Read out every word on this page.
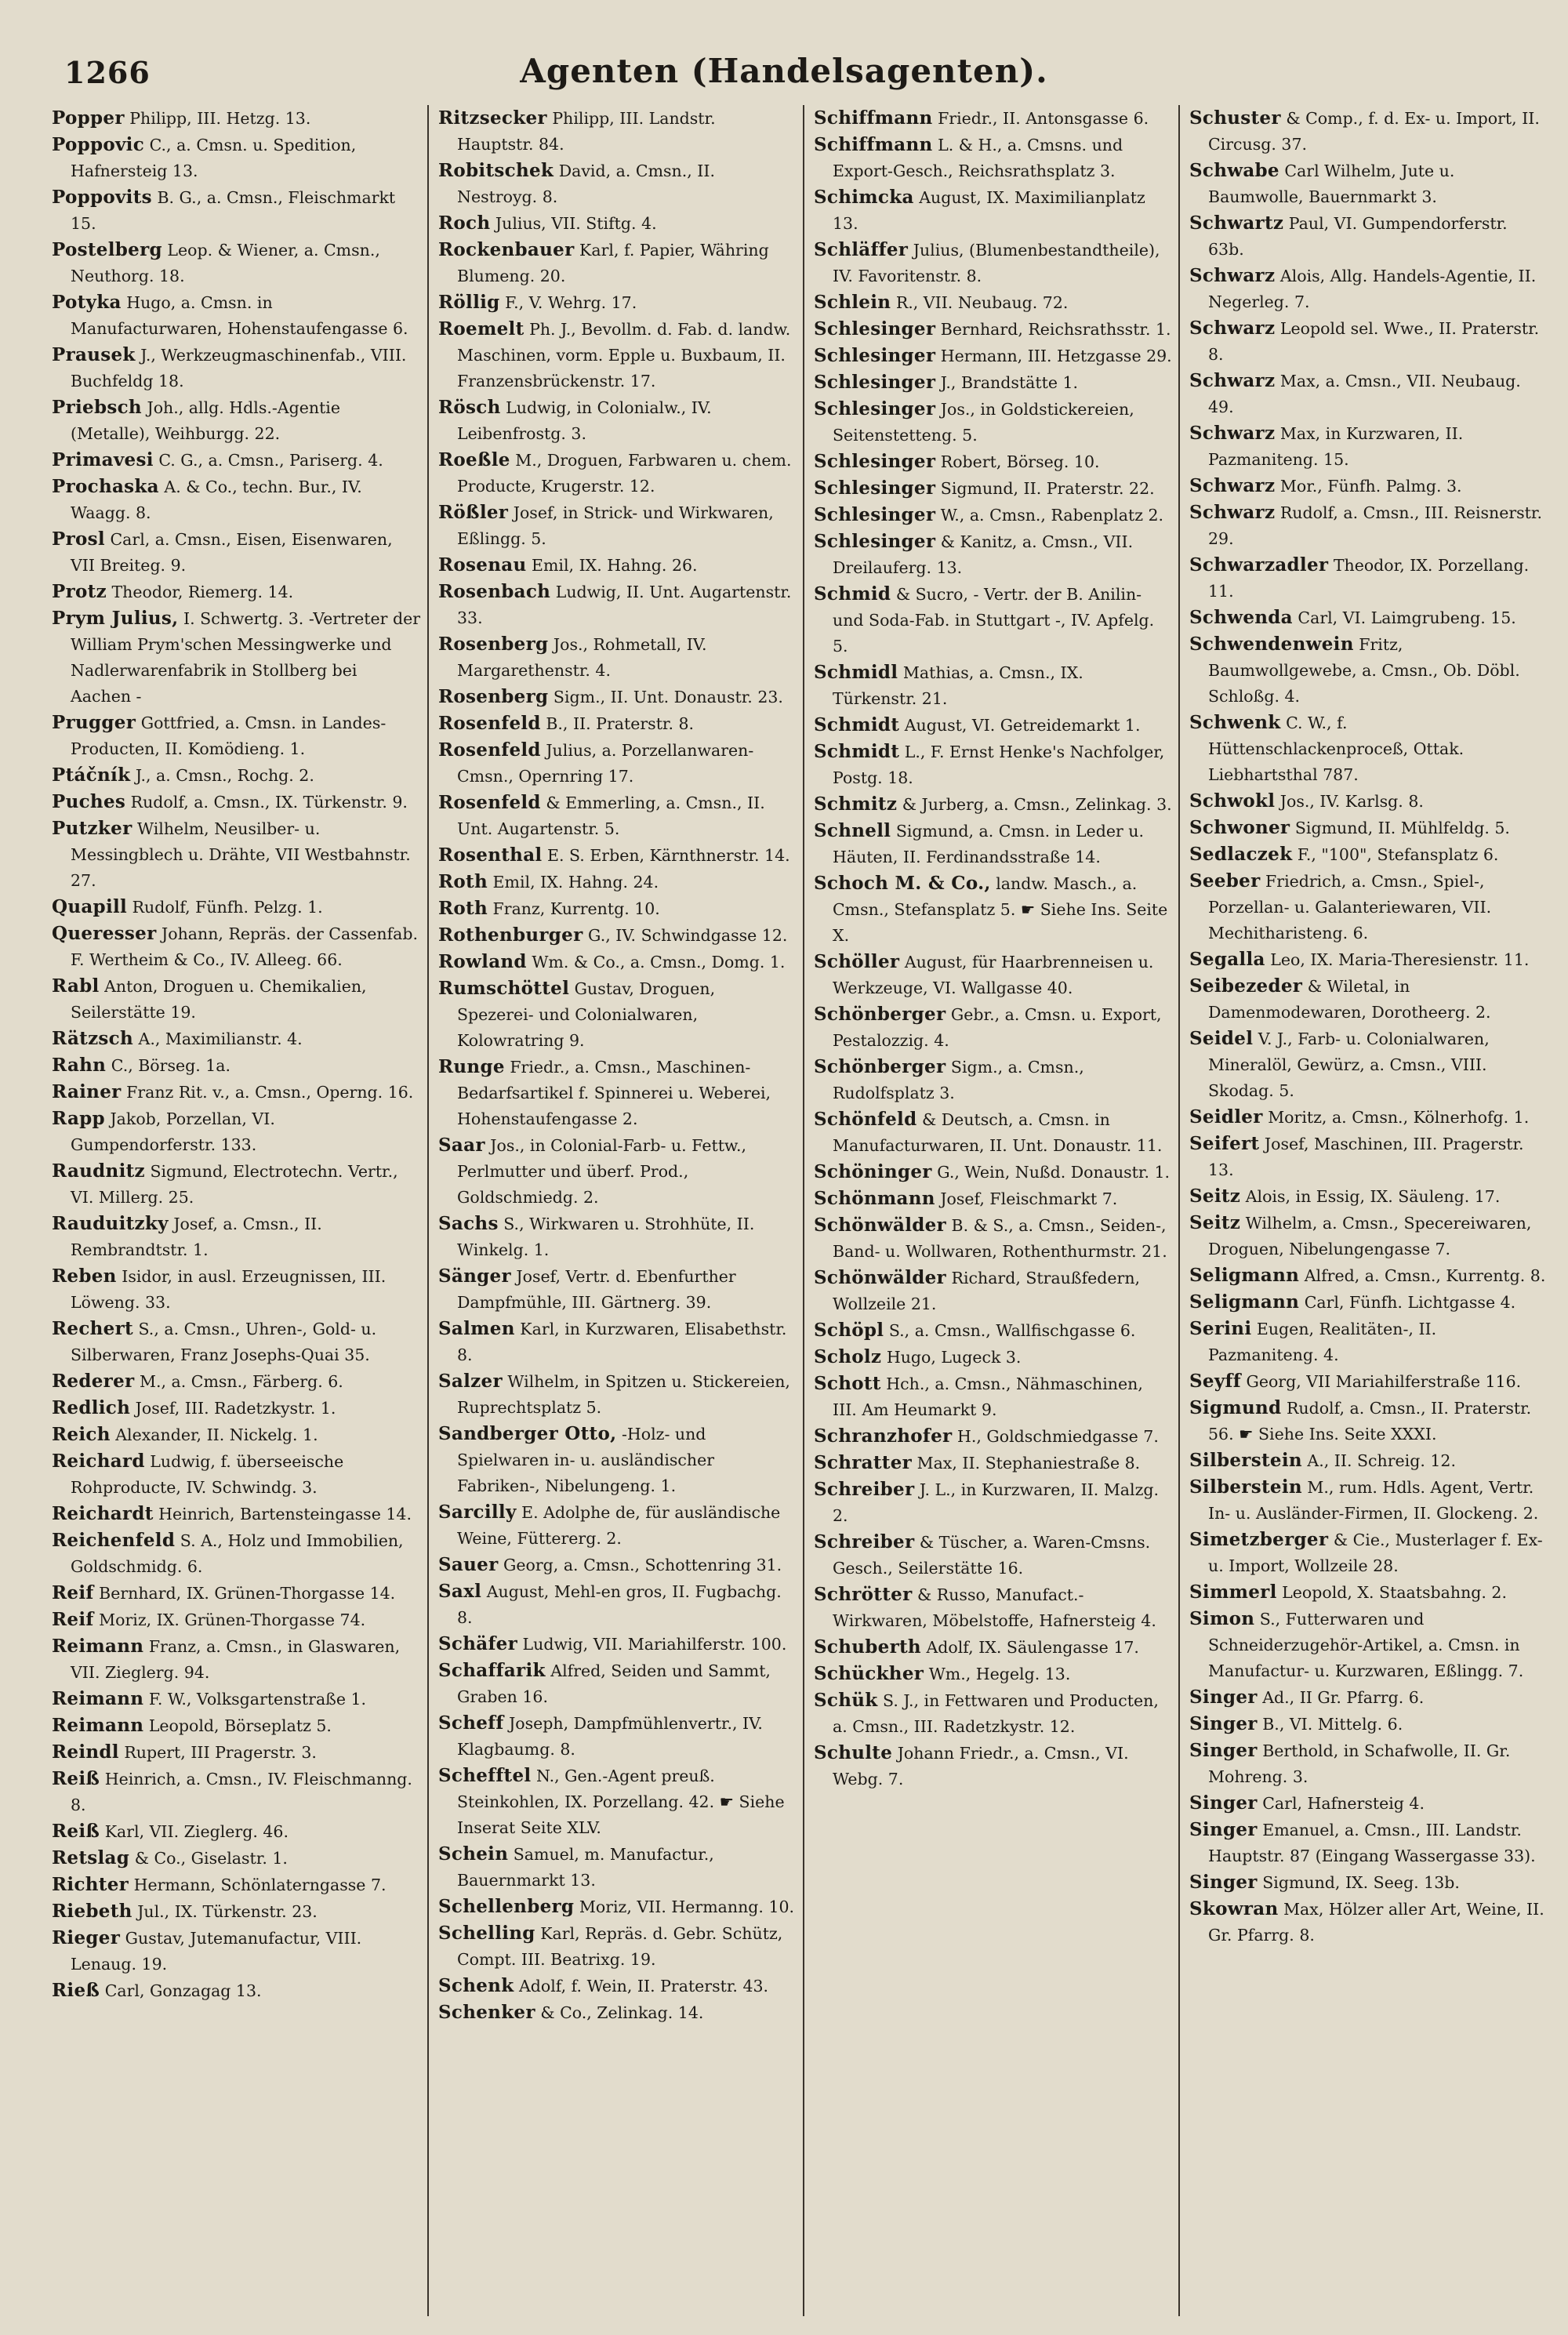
1266	Agenten (Handelsagenten).

Popper Philipp, III. Hetzg. 13.

Poppovic C., a. Cmsn. u. Spedition, Hafnersteig 13.

Poppovits B. G., a. Cmsn., Fleischmarkt 15.

Postelberg Leop. & Wiener, a. Cmsn., Neuthorg. 18.

Potyka Hugo, a. Cmsn. in Manufacturwaren, Hohenstaufengasse 6.

Prausek J., Werkzeugmaschinenfab., VIII. Buchfeldg 18.

Priebsch Joh., allg. Hdls.-Agentie (Metalle), Weihburgg. 22.

Primavesi C. G., a. Cmsn., Pariserg. 4.

Prochaska A. & Co., techn. Bur., IV. Waagg. 8.

Prosl Carl, a. Cmsn., Eisen, Eisenwaren, VII Breiteg. 9.

Protz Theodor, Riemerg. 14.

Prym Julius, I. Schwertg. 3. -Vertreter der William Prym'schen Messingwerke und Nadlerwarenfabrik in Stollberg bei Aachen -

Prugger Gottfried, a. Cmsn. in Landes-Producten, II. Komödieng. 1.

Ptáčník J., a. Cmsn., Rochg. 2.

Puches Rudolf, a. Cmsn., IX. Türkenstr. 9.

Putzker Wilhelm, Neusilber- u. Messingblech u. Drähte, VII Westbahnstr. 27.

Quapill Rudolf, Fünfh. Pelzg. 1.

Queresser Johann, Repräs. der Cassenfab. F. Wertheim & Co., IV. Alleeg. 66.

Rabl Anton, Droguen u. Chemikalien, Seilerstätte 19.

Rätzsch A., Maximilianstr. 4.

Rahn C., Börseg. 1a.

Rainer Franz Rit. v., a. Cmsn., Operng. 16.

Rapp Jakob, Porzellan, VI. Gumpendorferstr. 133.

Raudnitz Sigmund, Electrotechn. Vertr., VI. Millerg. 25.

Rauduitzky Josef, a. Cmsn., II. Rembrandtstr. 1.

Reben Isidor, in ausl. Erzeugnissen, III. Löweng. 33.

Rechert S., a. Cmsn., Uhren-, Gold- u. Silberwaren, Franz Josephs-Quai 35.

Rederer M., a. Cmsn., Färberg. 6.

Redlich Josef, III. Radetzkystr. 1.

Reich Alexander, II. Nickelg. 1.

Reichard Ludwig, f. überseeische Rohproducte, IV. Schwindg. 3.

Reichardt Heinrich, Bartensteingasse 14.

Reichenfeld S. A., Holz und Immobilien, Goldschmidg. 6.

Reif Bernhard, IX. Grünen-Thorgasse 14.

Reif Moriz, IX. Grünen-Thorgasse 74.

Reimann Franz, a. Cmsn., in Glaswaren, VII. Zieglerg. 94.

Reimann F. W., Volksgartenstraße 1.

Reimann Leopold, Börseplatz 5.

Reindl Rupert, III Pragerstr. 3.

Reiß Heinrich, a. Cmsn., IV. Fleischmanng. 8.

Reiß Karl, VII. Zieglerg. 46.

Retslag & Co., Giselastr. 1.

Richter Hermann, Schönlaterngasse 7.

Riebeth Jul., IX. Türkenstr. 23.

Rieger Gustav, Jutemanufactur, VIII. Lenaug. 19.

Rieß Carl, Gonzagag 13.

Ritzsecker Philipp, III. Landstr. Hauptstr. 84.

Robitschek David, a. Cmsn., II. Nestroyg. 8.

Roch Julius, VII. Stiftg. 4.

Rockenbauer Karl, f. Papier, Währing Blumeng. 20.

Röllig F., V. Wehrg. 17.

Roemelt Ph. J., Bevollm. d. Fab. d. landw. Maschinen, vorm. Epple u. Buxbaum, II. Franzensbrückenstr. 17.

Rösch Ludwig, in Colonialw., IV. Leibenfrostg. 3.

Roeßle M., Droguen, Farbwaren u. chem. Producte, Krugerstr. 12.

Rößler Josef, in Strick- und Wirkwaren, Eßlingg. 5.

Rosenau Emil, IX. Hahng. 26.

Rosenbach Ludwig, II. Unt. Augartenstr. 33.

Rosenberg Jos., Rohmetall, IV. Margarethenstr. 4.

Rosenberg Sigm., II. Unt. Donaustr. 23.

Rosenfeld B., II. Praterstr. 8.

Rosenfeld Julius, a. Porzellanwaren-Cmsn., Opernring 17.

Rosenfeld & Emmerling, a. Cmsn., II. Unt. Augartenstr. 5.

Rosenthal E. S. Erben, Kärnthnerstr. 14.

Roth Emil, IX. Hahng. 24.

Roth Franz, Kurrentg. 10.

Rothenburger G., IV. Schwindgasse 12.

Rowland Wm. & Co., a. Cmsn., Domg. 1.

Rumschöttel Gustav, Droguen, Spezerei- und Colonialwaren, Kolowratring 9.

Runge Friedr., a. Cmsn., Maschinen-Bedarfsartikel f. Spinnerei u. Weberei, Hohenstaufengasse 2.

Saar Jos., in Colonial-Farb- u. Fettw., Perlmutter und überf. Prod., Goldschmiedg. 2.

Sachs S., Wirkwaren u. Strohhüte, II. Winkelg. 1.

Sänger Josef, Vertr. d. Ebenfurther Dampfmühle, III. Gärtnerg. 39.

Salmen Karl, in Kurzwaren, Elisabethstr. 8.

Salzer Wilhelm, in Spitzen u. Stickereien, Ruprechtsplatz 5.

Sandberger Otto, -Holz- und Spielwaren in- u. ausländischer Fabriken-, Nibelungeng. 1.

Sarcilly E. Adolphe de, für ausländische Weine, Füttererg. 2.

Sauer Georg, a. Cmsn., Schottenring 31.

Saxl August, Mehl-en gros, II. Fugbachg. 8.

Schäfer Ludwig, VII. Mariahilferstr. 100.

Schaffarik Alfred, Seiden und Sammt, Graben 16.

Scheff Joseph, Dampfmühlenvertr., IV. Klagbaumg. 8.

Schefftel N., Gen.-Agent preuß. Steinkohlen, IX. Porzellang. 42. ☛ Siehe Inserat Seite XLV.

Schein Samuel, m. Manufactur., Bauernmarkt 13.

Schellenberg Moriz, VII. Hermanng. 10.

Schelling Karl, Repräs. d. Gebr. Schütz, Compt. III. Beatrixg. 19.

Schenk Adolf, f. Wein, II. Praterstr. 43.

Schenker & Co., Zelinkag. 14.

Schiffmann Friedr., II. Antonsgasse 6.

Schiffmann L. & H., a. Cmsns. und Export-Gesch., Reichsrathsplatz 3.

Schimcka August, IX. Maximilianplatz 13.

Schläffer Julius, (Blumenbestandtheile), IV. Favoritenstr. 8.

Schlein R., VII. Neubaug. 72.

Schlesinger Bernhard, Reichsrathsstr. 1.

Schlesinger Hermann, III. Hetzgasse 29.

Schlesinger J., Brandstätte 1.

Schlesinger Jos., in Goldstickereien, Seitenstetteng. 5.

Schlesinger Robert, Börseg. 10.

Schlesinger Sigmund, II. Praterstr. 22.

Schlesinger W., a. Cmsn., Rabenplatz 2.

Schlesinger & Kanitz, a. Cmsn., VII. Dreilauferg. 13.

Schmid & Sucro, - Vertr. der B. Anilin- und Soda-Fab. in Stuttgart -, IV. Apfelg. 5.

Schmidl Mathias, a. Cmsn., IX. Türkenstr. 21.

Schmidt August, VI. Getreidemarkt 1.

Schmidt L., F. Ernst Henke's Nachfolger, Postg. 18.

Schmitz & Jurberg, a. Cmsn., Zelinkag. 3.

Schnell Sigmund, a. Cmsn. in Leder u. Häuten, II. Ferdinandsstraße 14.

Schoch M. & Co., landw. Masch., a. Cmsn., Stefansplatz 5. ☛ Siehe Ins. Seite X.

Schöller August, für Haarbrenneisen u. Werkzeuge, VI. Wallgasse 40.

Schönberger Gebr., a. Cmsn. u. Export, Pestalozzig. 4.

Schönberger Sigm., a. Cmsn., Rudolfsplatz 3.

Schönfeld & Deutsch, a. Cmsn. in Manufacturwaren, II. Unt. Donaustr. 11.

Schöninger G., Wein, Nußd. Donaustr. 1.

Schönmann Josef, Fleischmarkt 7.

Schönwälder B. & S., a. Cmsn., Seiden-, Band- u. Wollwaren, Rothenthurmstr. 21.

Schönwälder Richard, Straußfedern, Wollzeile 21.

Schöpl S., a. Cmsn., Wallfischgasse 6.

Scholz Hugo, Lugeck 3.

Schott Hch., a. Cmsn., Nähmaschinen, III. Am Heumarkt 9.

Schranzhofer H., Goldschmiedgasse 7.

Schratter Max, II. Stephaniestraße 8.

Schreiber J. L., in Kurzwaren, II. Malzg. 2.

Schreiber & Tüscher, a. Waren-Cmsns. Gesch., Seilerstätte 16.

Schrötter & Russo, Manufact.-Wirkwaren, Möbelstoffe, Hafnersteig 4.

Schuberth Adolf, IX. Säulengasse 17.

Schückher Wm., Hegelg. 13.

Schük S. J., in Fettwaren und Producten, a. Cmsn., III. Radetzkystr. 12.

Schulte Johann Friedr., a. Cmsn., VI. Webg. 7.

Schuster & Comp., f. d. Ex- u. Import, II. Circusg. 37.

Schwabe Carl Wilhelm, Jute u. Baumwolle, Bauernmarkt 3.

Schwartz Paul, VI. Gumpendorferstr. 63b.

Schwarz Alois, Allg. Handels-Agentie, II. Negerleg. 7.

Schwarz Leopold sel. Wwe., II. Praterstr. 8.

Schwarz Max, a. Cmsn., VII. Neubaug. 49.

Schwarz Max, in Kurzwaren, II. Pazmaniteng. 15.

Schwarz Mor., Fünfh. Palmg. 3.

Schwarz Rudolf, a. Cmsn., III. Reisnerstr. 29.

Schwarzadler Theodor, IX. Porzellang. 11.

Schwenda Carl, VI. Laimgrubeng. 15.

Schwendenwein Fritz, Baumwollgewebe, a. Cmsn., Ob. Döbl. Schloßg. 4.

Schwenk C. W., f. Hüttenschlackenproceß, Ottak. Liebhartsthal 787.

Schwokl Jos., IV. Karlsg. 8.

Schwoner Sigmund, II. Mühlfeldg. 5.

Sedlaczek F., "100", Stefansplatz 6.

Seeber Friedrich, a. Cmsn., Spiel-, Porzellan- u. Galanteriewaren, VII. Mechitharisteng. 6.

Segalla Leo, IX. Maria-Theresienstr. 11.

Seibezeder & Wiletal, in Damenmodewaren, Dorotheerg. 2.

Seidel V. J., Farb- u. Colonialwaren, Mineralöl, Gewürz, a. Cmsn., VIII. Skodag. 5.

Seidler Moritz, a. Cmsn., Kölnerhofg. 1.

Seifert Josef, Maschinen, III. Pragerstr. 13.

Seitz Alois, in Essig, IX. Säuleng. 17.

Seitz Wilhelm, a. Cmsn., Specereiwaren, Droguen, Nibelungengasse 7.

Seligmann Alfred, a. Cmsn., Kurrentg. 8.

Seligmann Carl, Fünfh. Lichtgasse 4.

Serini Eugen, Realitäten-, II. Pazmaniteng. 4.

Seyff Georg, VII Mariahilferstraße 116.

Sigmund Rudolf, a. Cmsn., II. Praterstr. 56. ☛ Siehe Ins. Seite XXXI.

Silberstein A., II. Schreig. 12.

Silberstein M., rum. Hdls. Agent, Vertr. In- u. Ausländer-Firmen, II. Glockeng. 2.

Simetzberger & Cie., Musterlager f. Ex- u. Import, Wollzeile 28.

Simmerl Leopold, X. Staatsbahng. 2.

Simon S., Futterwaren und Schneiderzugehör-Artikel, a. Cmsn. in Manufactur- u. Kurzwaren, Eßlingg. 7.

Singer Ad., II Gr. Pfarrg. 6.

Singer B., VI. Mittelg. 6.

Singer Berthold, in Schafwolle, II. Gr. Mohreng. 3.

Singer Carl, Hafnersteig 4.

Singer Emanuel, a. Cmsn., III. Landstr. Hauptstr. 87 (Eingang Wassergasse 33).

Singer Sigmund, IX. Seeg. 13b.

Skowran Max, Hölzer aller Art, Weine, II. Gr. Pfarrg. 8.
